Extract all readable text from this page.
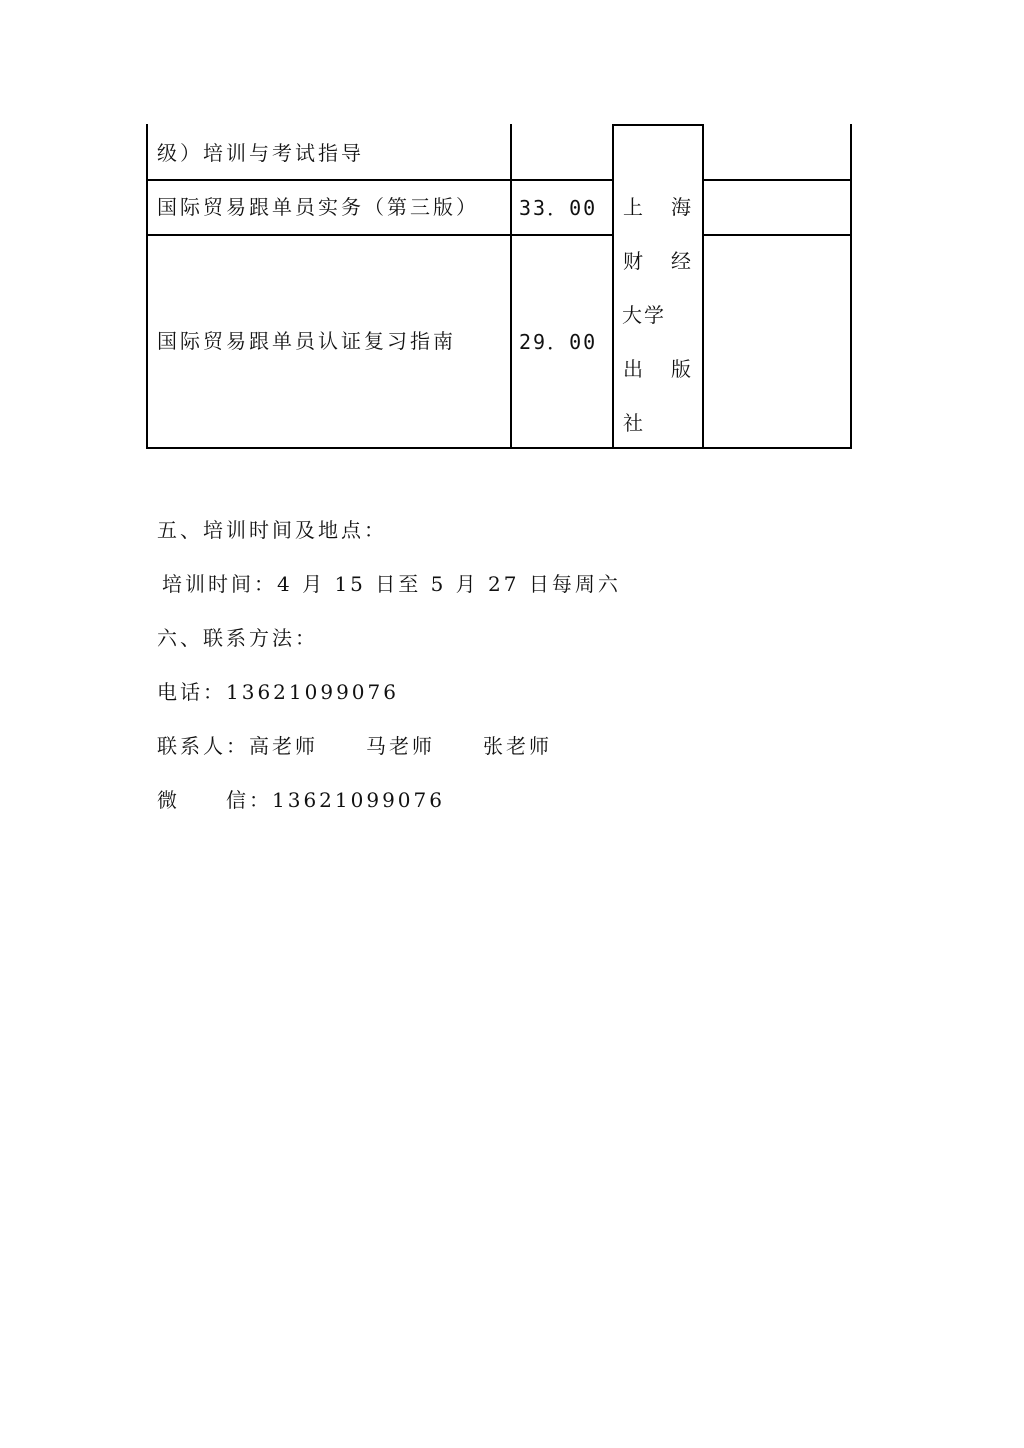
级）培训与考试指导
国际贸易跟单员实务（第三版） 33．00
国际贸易跟单员认证复习指南	29．00
上 海
财 经
大学
出 版
社
五、培训时间及地点：
培训时间：4 月 15 日至 5 月 27 日每周六
六、联系方法：
电话：13621099076
联系人：高老师 马老师 张老师
微 信：13621099076
